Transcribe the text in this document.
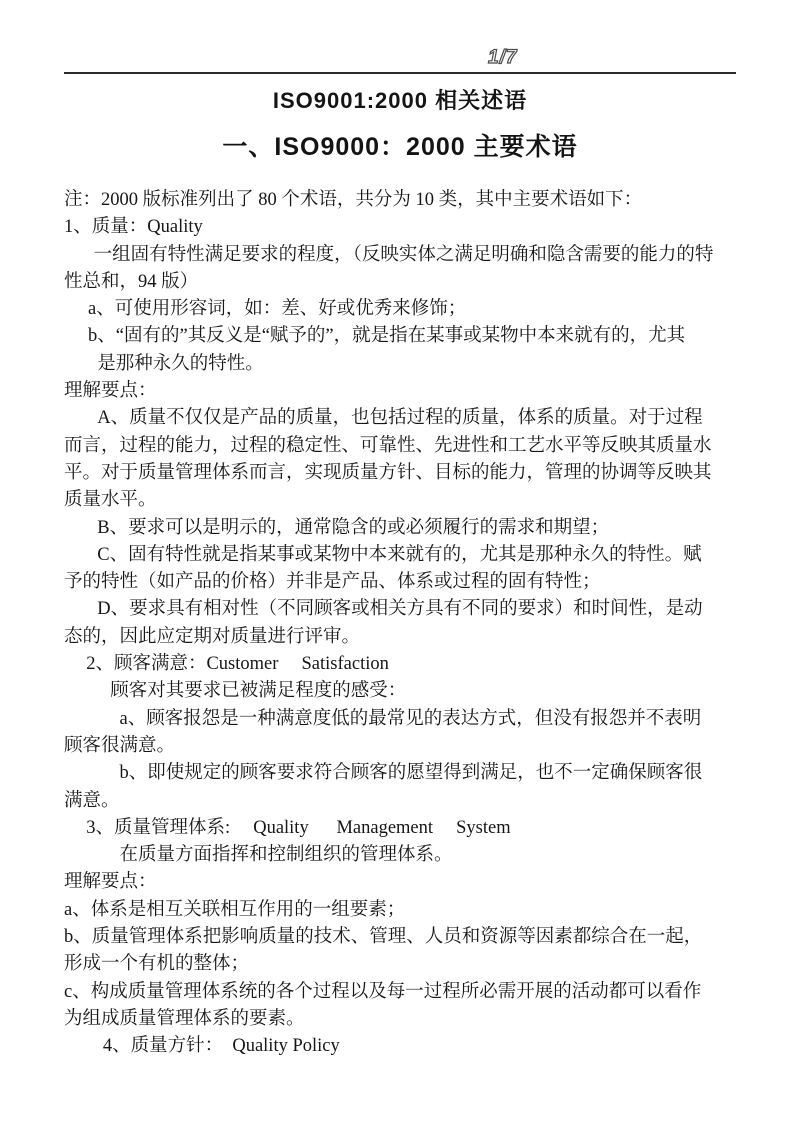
1/7
ISO9001:2000 相关述语
一、ISO9000：2000 主要术语
注：2000 版标准列出了 80 个术语，共分为 10 类，其中主要术语如下：
1、质量：Quality
一组固有特性满足要求的程度，（反映实体之满足明确和隐含需要的能力的特
性总和，94 版）
a、可使用形容词，如：差、好或优秀来修饰；
b、“固有的”其反义是“赋予的”，就是指在某事或某物中本来就有的，尤其
是那种永久的特性。
理解要点：
A、质量不仅仅是产品的质量，也包括过程的质量，体系的质量。对于过程
而言，过程的能力，过程的稳定性、可靠性、先进性和工艺水平等反映其质量水
平。对于质量管理体系而言，实现质量方针、目标的能力，管理的协调等反映其
质量水平。
B、要求可以是明示的，通常隐含的或必须履行的需求和期望；
C、固有特性就是指某事或某物中本来就有的，尤其是那种永久的特性。赋
予的特性（如产品的价格）并非是产品、体系或过程的固有特性；
D、要求具有相对性（不同顾客或相关方具有不同的要求）和时间性，是动
态的，因此应定期对质量进行评审。
2、顾客满意：Customer     Satisfaction
顾客对其要求已被满足程度的感受：
a、顾客报怨是一种满意度低的最常见的表达方式，但没有报怨并不表明
顾客很满意。
b、即使规定的顾客要求符合顾客的愿望得到满足，也不一定确保顾客很
满意。
3、质量管理体系:     Quality      Management     System
在质量方面指挥和控制组织的管理体系。
理解要点：
a、体系是相互关联相互作用的一组要素；
b、质量管理体系把影响质量的技术、管理、人员和资源等因素都综合在一起，
形成一个有机的整体；
c、构成质量管理体系统的各个过程以及每一过程所必需开展的活动都可以看作
为组成质量管理体系的要素。
4、质量方针：  Quality Policy
